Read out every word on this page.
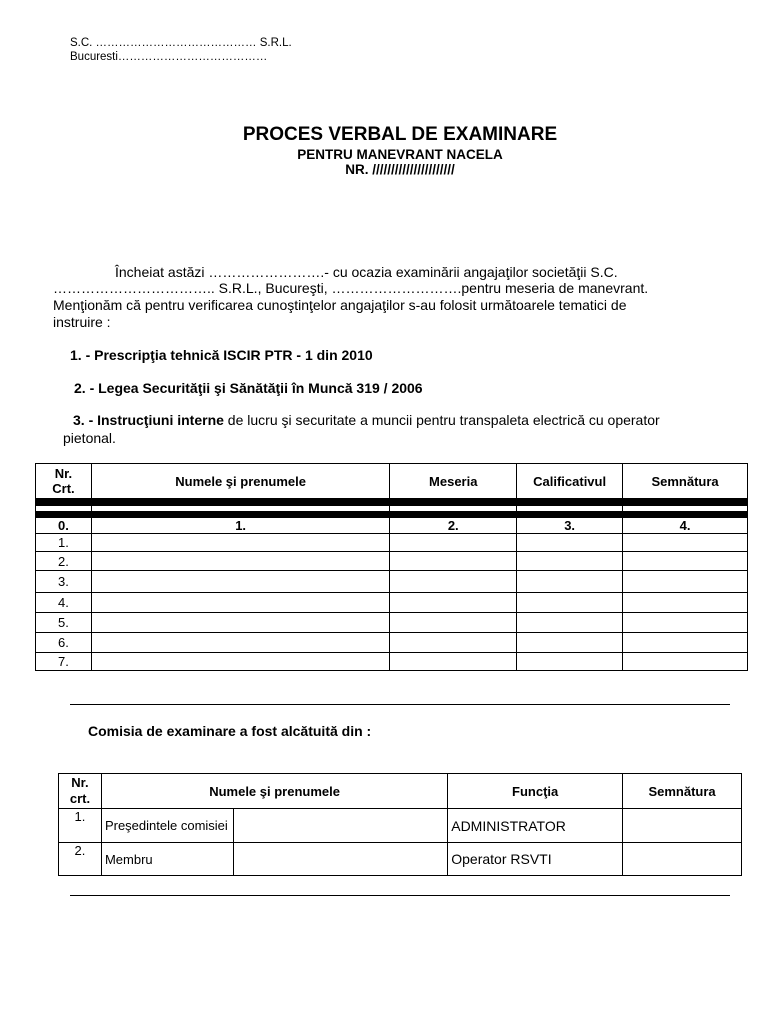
S.C. …………………………………… S.R.L.
Bucuresti…………………………………
PROCES VERBAL DE EXAMINARE
PENTRU MANEVRANT NACELA
NR. //////////////////////
Încheiat astăzi …………………….- cu ocazia examinării angajaţilor societăţii S.C.
…………………………….. S.R.L., Bucureşti, ……………………….pentru meseria de manevrant.
Menţionăm că pentru verificarea cunoştinţelor angajaţilor s-au folosit următoarele tematici de
instruire :
1. - Prescripţia tehnică ISCIR PTR - 1 din 2010
2. - Legea Securităţii şi Sănătăţii în Muncă 319 / 2006
3. - Instrucţiuni interne de lucru şi securitate a muncii pentru transpaleta electrică cu operator
pietonal.
Nr.
Crt.	Numele şi prenumele	Meseria	Calificativul	Semnătura

0.	1.	2.	3.	4.
1.				
2.				
3.				
4.				
5.				
6.				
7.				
Comisia de examinare a fost alcătuită din :
Nr.
crt.	Numele şi prenumele		Funcţia	Semnătura
1.	Preşedintele comisiei		ADMINISTRATOR	
2.	Membru		Operator RSVTI	
